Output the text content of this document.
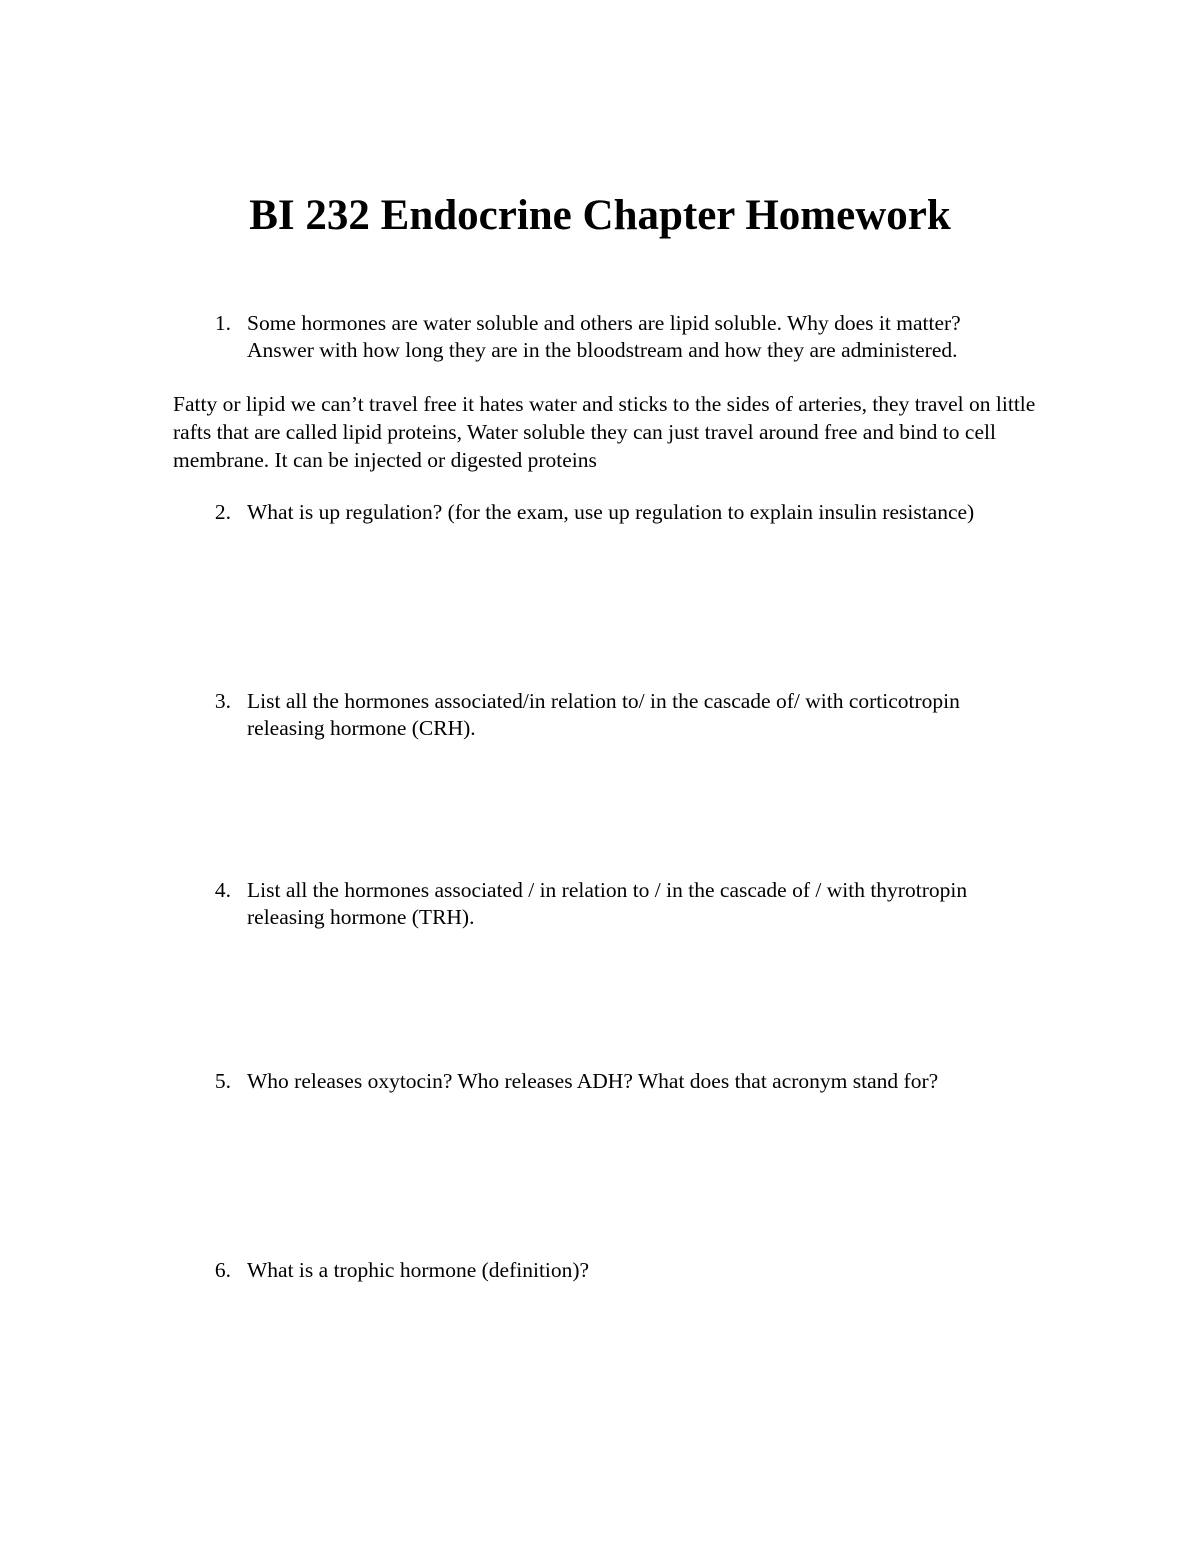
BI 232 Endocrine Chapter Homework
1. Some hormones are water soluble and others are lipid soluble. Why does it matter? Answer with how long they are in the bloodstream and how they are administered.

Fatty or lipid we can’t travel free it hates water and sticks to the sides of arteries, they travel on little rafts that are called lipid proteins, Water soluble they can just travel around free and bind to cell membrane. It can be injected or digested proteins

2. What is up regulation? (for the exam, use up regulation to explain insulin resistance)
3. List all the hormones associated/in relation to/ in the cascade of/ with corticotropin releasing hormone (CRH).
4. List all the hormones associated / in relation to / in the cascade of / with thyrotropin releasing hormone (TRH).
5. Who releases oxytocin? Who releases ADH? What does that acronym stand for?
6. What is a trophic hormone (definition)?
